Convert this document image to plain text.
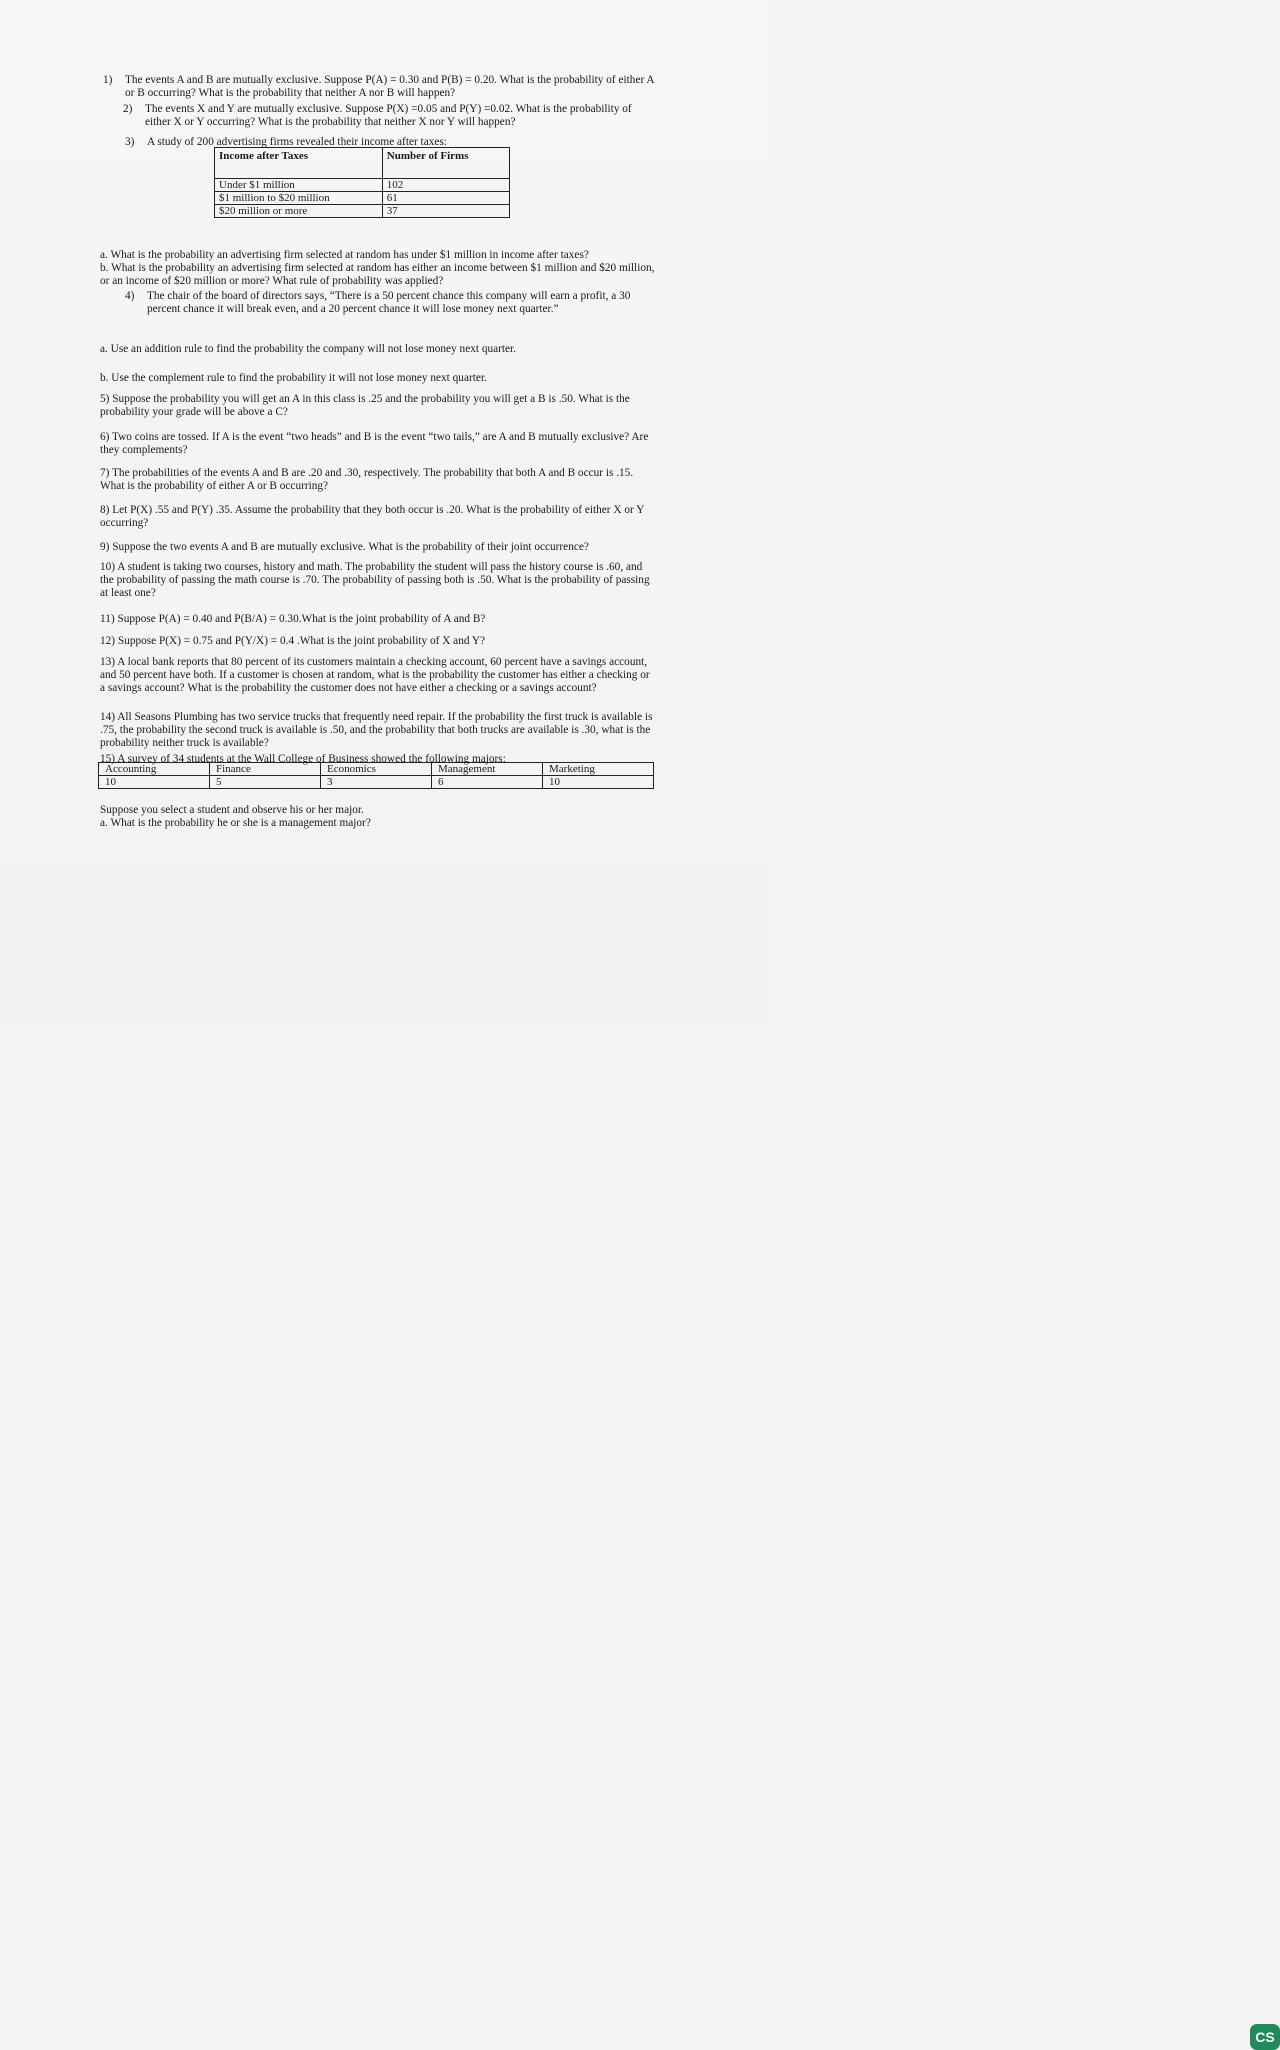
1) The events A and B are mutually exclusive. Suppose P(A) = 0.30 and P(B) = 0.20. What is the probability of either A or B occurring? What is the probability that neither A nor B will happen?

2) The events X and Y are mutually exclusive. Suppose P(X) =0.05 and P(Y) =0.02. What is the probability of either X or Y occurring? What is the probability that neither X nor Y will happen?

3) A study of 200 advertising firms revealed their income after taxes:

Income after Taxes	Number of Firms
Under $1 million	102
$1 million to $20 million	61
$20 million or more	37

a. What is the probability an advertising firm selected at random has under $1 million in income after taxes?

b. What is the probability an advertising firm selected at random has either an income between $1 million and $20 million, or an income of $20 million or more? What rule of probability was applied?

4) The chair of the board of directors says, “There is a 50 percent chance this company will earn a profit, a 30 percent chance it will break even, and a 20 percent chance it will lose money next quarter.”

a. Use an addition rule to find the probability the company will not lose money next quarter.

b. Use the complement rule to find the probability it will not lose money next quarter.

5) Suppose the probability you will get an A in this class is .25 and the probability you will get a B is .50. What is the probability your grade will be above a C?

6) Two coins are tossed. If A is the event “two heads” and B is the event “two tails,” are A and B mutually exclusive? Are they complements?

7) The probabilities of the events A and B are .20 and .30, respectively. The probability that both A and B occur is .15. What is the probability of either A or B occurring?

8) Let P(X) .55 and P(Y) .35. Assume the probability that they both occur is .20. What is the probability of either X or Y occurring?

9) Suppose the two events A and B are mutually exclusive. What is the probability of their joint occurrence?

10) A student is taking two courses, history and math. The probability the student will pass the history course is .60, and the probability of passing the math course is .70. The probability of passing both is .50. What is the probability of passing at least one?

11) Suppose P(A) = 0.40 and P(B/A) = 0.30.What is the joint probability of A and B?

12) Suppose P(X) = 0.75 and P(Y/X) = 0.4 .What is the joint probability of X and Y?

13) A local bank reports that 80 percent of its customers maintain a checking account, 60 percent have a savings account, and 50 percent have both. If a customer is chosen at random, what is the probability the customer has either a checking or a savings account? What is the probability the customer does not have either a checking or a savings account?

14) All Seasons Plumbing has two service trucks that frequently need repair. If the probability the first truck is available is .75, the probability the second truck is available is .50, and the probability that both trucks are available is .30, what is the probability neither truck is available?

15) A survey of 34 students at the Wall College of Business showed the following majors:

Accounting	Finance	Economics	Management	Marketing
10	5	3	6	10

Suppose you select a student and observe his or her major.

a. What is the probability he or she is a management major?

CS
